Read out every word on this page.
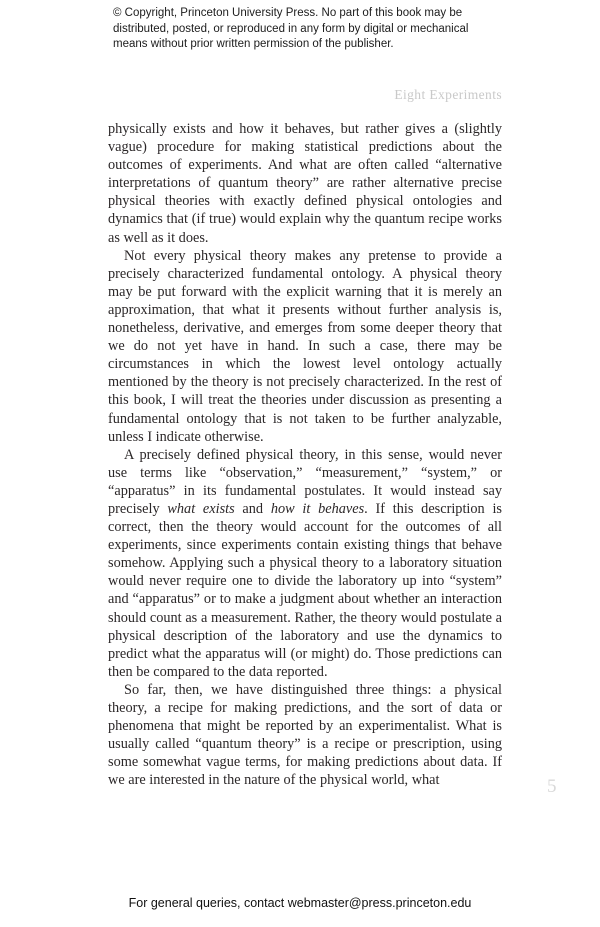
© Copyright, Princeton University Press. No part of this book may be distributed, posted, or reproduced in any form by digital or mechanical means without prior written permission of the publisher.
Eight Experiments

physically exists and how it behaves, but rather gives a (slightly vague) procedure for making statistical predictions about the outcomes of experiments. And what are often called “alternative interpretations of quantum theory” are rather alternative precise physical theories with exactly defined physical ontologies and dynamics that (if true) would explain why the quantum recipe works as well as it does.

Not every physical theory makes any pretense to provide a precisely characterized fundamental ontology. A physical theory may be put forward with the explicit warning that it is merely an approximation, that what it presents without further analysis is, nonetheless, derivative, and emerges from some deeper theory that we do not yet have in hand. In such a case, there may be circumstances in which the lowest level ontology actually mentioned by the theory is not precisely characterized. In the rest of this book, I will treat the theories under discussion as presenting a fundamental ontology that is not taken to be further analyzable, unless I indicate otherwise.

A precisely defined physical theory, in this sense, would never use terms like “observation,” “measurement,” “system,” or “apparatus” in its fundamental postulates. It would instead say precisely what exists and how it behaves. If this description is correct, then the theory would account for the outcomes of all experiments, since experiments contain existing things that behave somehow. Applying such a physical theory to a laboratory situation would never require one to divide the laboratory up into “system” and “apparatus” or to make a judgment about whether an interaction should count as a measurement. Rather, the theory would postulate a physical description of the laboratory and use the dynamics to predict what the apparatus will (or might) do. Those predictions can then be compared to the data reported.

So far, then, we have distinguished three things: a physical theory, a recipe for making predictions, and the sort of data or phenomena that might be reported by an experimentalist. What is usually called “quantum theory” is a recipe or prescription, using some somewhat vague terms, for making predictions about data. If we are interested in the nature of the physical world, what	5
For general queries, contact webmaster@press.princeton.edu
